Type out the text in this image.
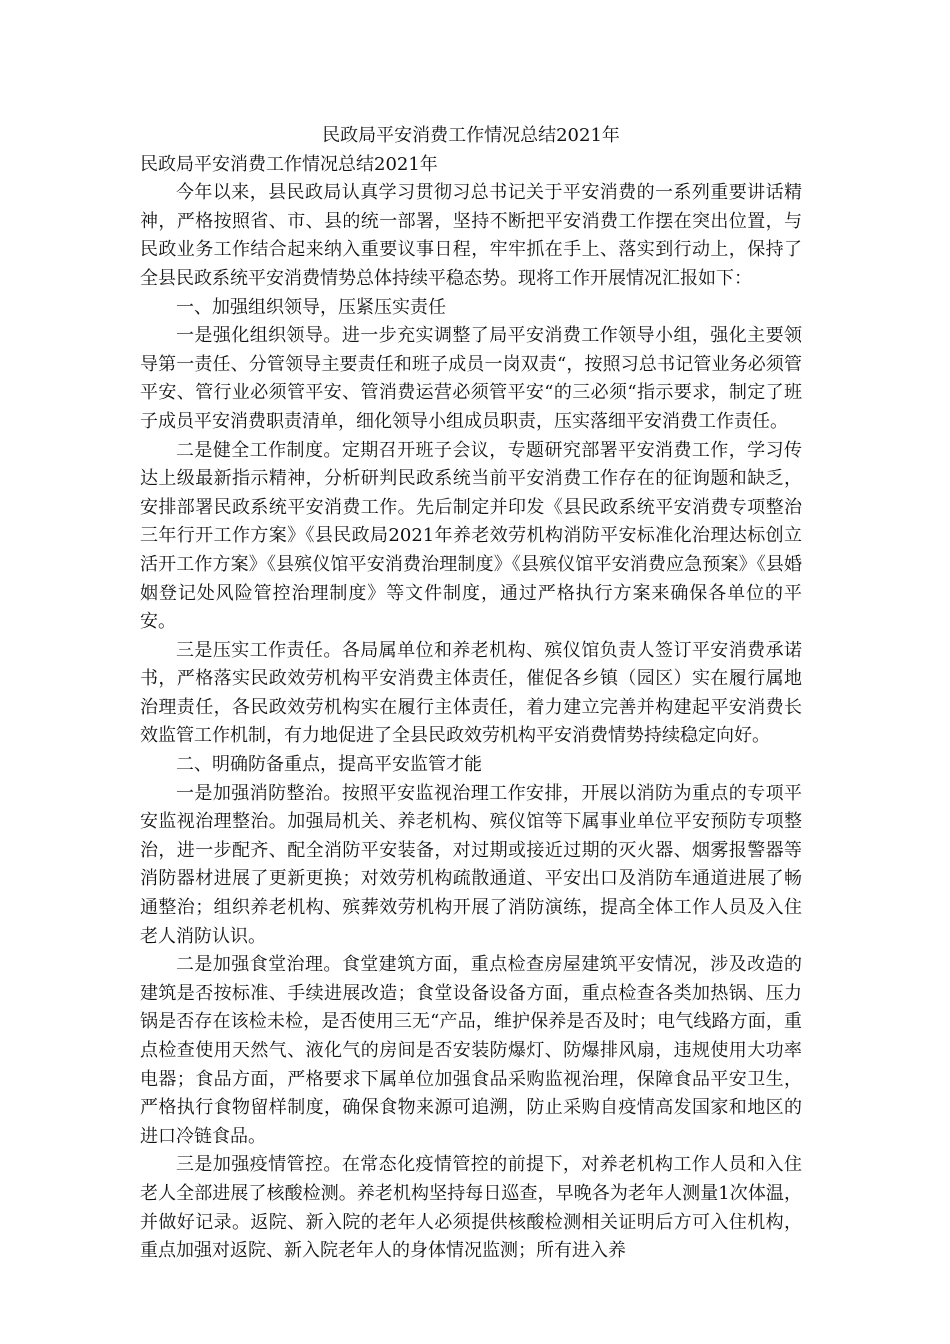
民政局平安消费工作情况总结2021年
民政局平安消费工作情况总结2021年

今年以来，县民政局认真学习贯彻习总书记关于平安消费的一系列重要讲话精神，严格按照省、市、县的统一部署，坚持不断把平安消费工作摆在突出位置，与民政业务工作结合起来纳入重要议事日程，牢牢抓在手上、落实到行动上，保持了全县民政系统平安消费情势总体持续平稳态势。现将工作开展情况汇报如下：

一、加强组织领导，压紧压实责任

一是强化组织领导。进一步充实调整了局平安消费工作领导小组，强化主要领导第一责任、分管领导主要责任和班子成员一岗双责“，按照习总书记管业务必须管平安、管行业必须管平安、管消费运营必须管平安“的三必须“指示要求，制定了班子成员平安消费职责清单，细化领导小组成员职责，压实落细平安消费工作责任。

二是健全工作制度。定期召开班子会议，专题研究部署平安消费工作，学习传达上级最新指示精神，分析研判民政系统当前平安消费工作存在的征询题和缺乏，安排部署民政系统平安消费工作。先后制定并印发《县民政系统平安消费专项整治三年行开工作方案》《县民政局2021年养老效劳机构消防平安标准化治理达标创立活开工作方案》《县殡仪馆平安消费治理制度》《县殡仪馆平安消费应急预案》《县婚姻登记处风险管控治理制度》等文件制度，通过严格执行方案来确保各单位的平安。

三是压实工作责任。各局属单位和养老机构、殡仪馆负责人签订平安消费承诺书，严格落实民政效劳机构平安消费主体责任，催促各乡镇（园区）实在履行属地治理责任，各民政效劳机构实在履行主体责任，着力建立完善并构建起平安消费长效监管工作机制，有力地促进了全县民政效劳机构平安消费情势持续稳定向好。

二、明确防备重点，提高平安监管才能

一是加强消防整治。按照平安监视治理工作安排，开展以消防为重点的专项平安监视治理整治。加强局机关、养老机构、殡仪馆等下属事业单位平安预防专项整治，进一步配齐、配全消防平安装备，对过期或接近过期的灭火器、烟雾报警器等消防器材进展了更新更换；对效劳机构疏散通道、平安出口及消防车通道进展了畅通整治；组织养老机构、殡葬效劳机构开展了消防演练，提高全体工作人员及入住老人消防认识。

二是加强食堂治理。食堂建筑方面，重点检查房屋建筑平安情况，涉及改造的建筑是否按标准、手续进展改造；食堂设备设备方面，重点检查各类加热锅、压力锅是否存在该检未检，是否使用三无“产品，维护保养是否及时；电气线路方面，重点检查使用天然气、液化气的房间是否安装防爆灯、防爆排风扇，违规使用大功率电器；食品方面，严格要求下属单位加强食品采购监视治理，保障食品平安卫生，严格执行食物留样制度，确保食物来源可追溯，防止采购自疫情高发国家和地区的进口冷链食品。

三是加强疫情管控。在常态化疫情管控的前提下，对养老机构工作人员和入住老人全部进展了核酸检测。养老机构坚持每日巡查，早晚各为老年人测量1次体温，并做好记录。返院、新入院的老年人必须提供核酸检测相关证明后方可入住机构，重点加强对返院、新入院老年人的身体情况监测；所有进入养
